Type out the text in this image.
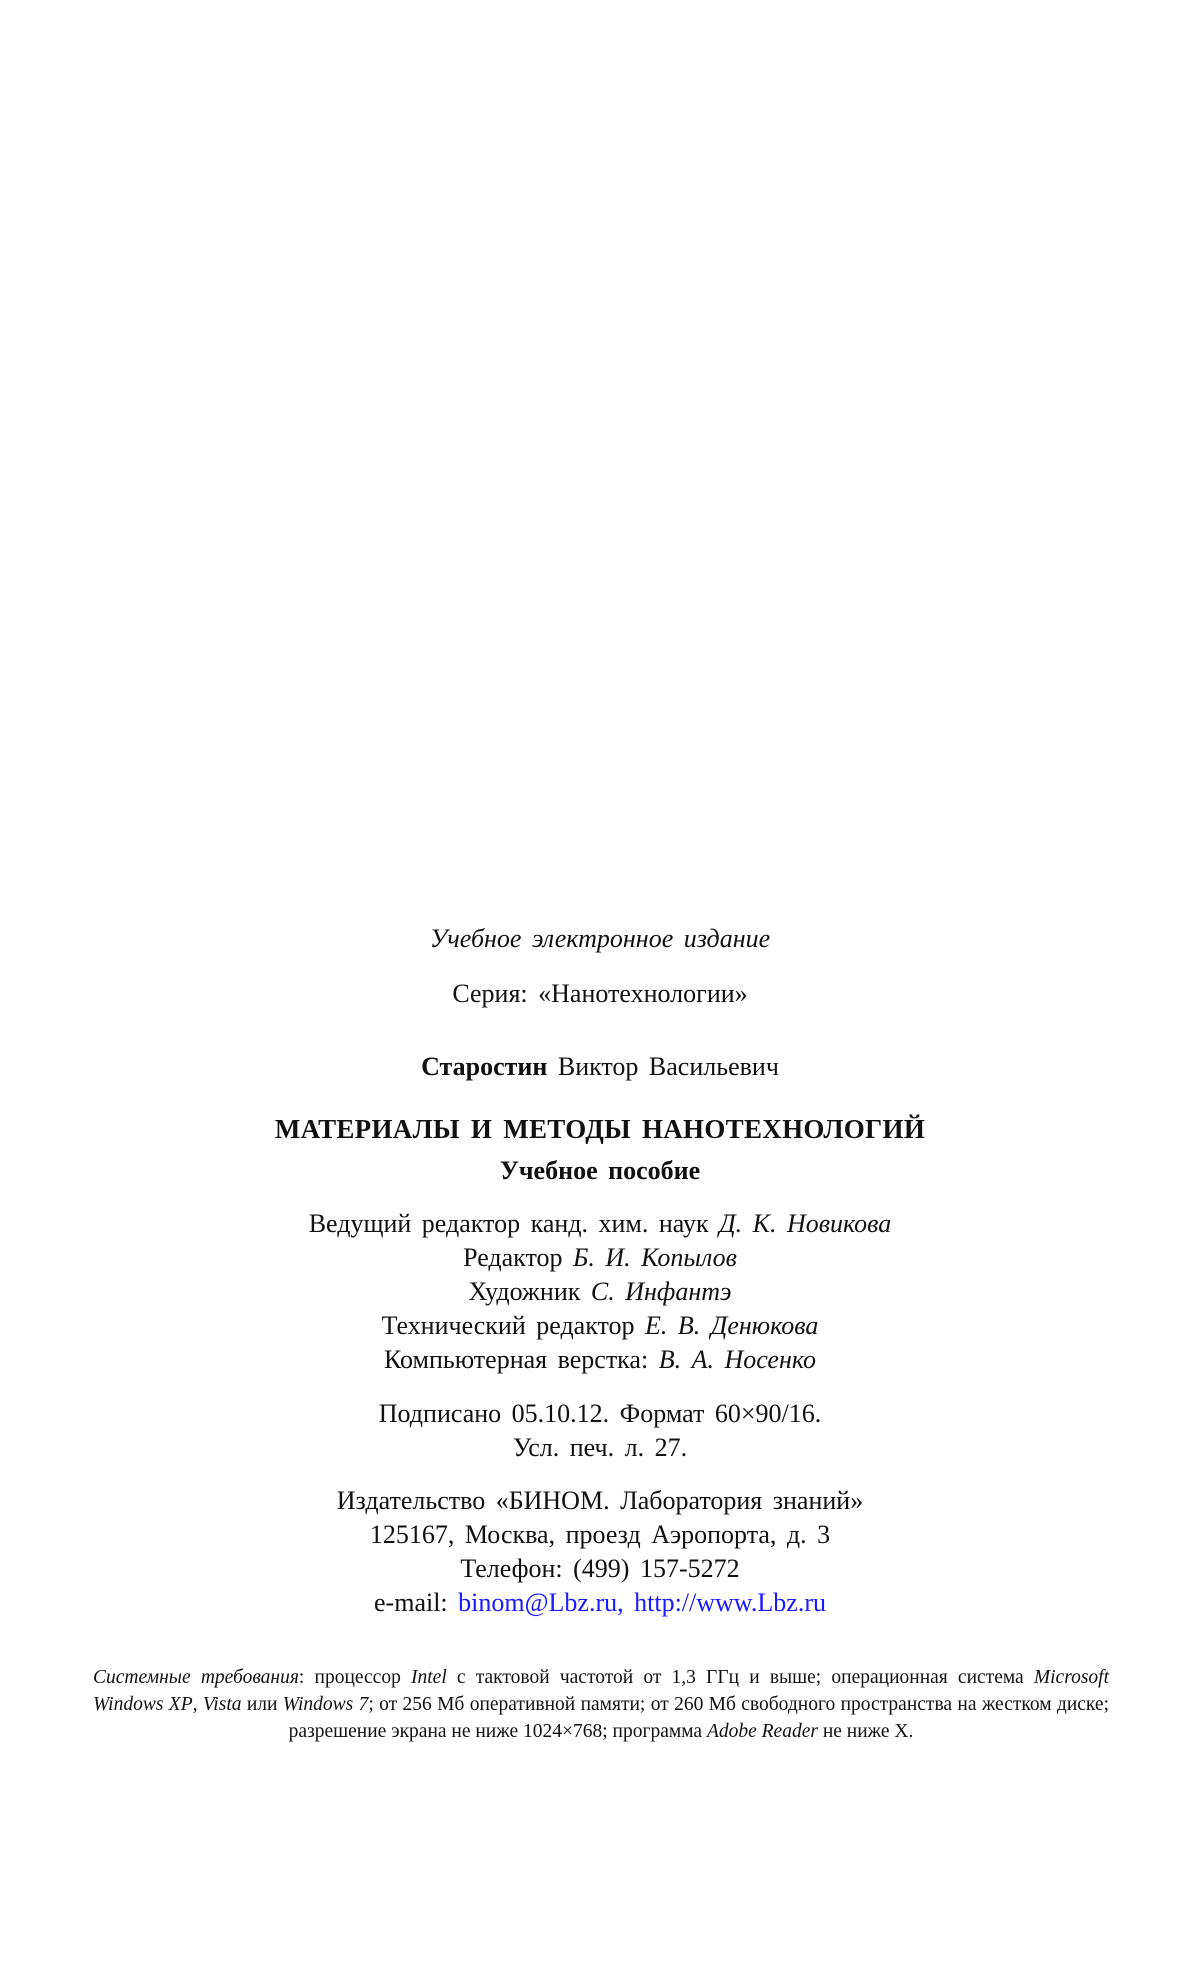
Учебное электронное издание
Серия: «Нанотехнологии»
Старостин Виктор Васильевич
МАТЕРИАЛЫ И МЕТОДЫ НАНОТЕХНОЛОГИЙ
Учебное пособие
Ведущий редактор канд. хим. наук Д. К. Новикова
Редактор Б. И. Копылов
Художник С. Инфантэ
Технический редактор Е. В. Денюкова
Компьютерная верстка: В. А. Носенко
Подписано 05.10.12. Формат 60×90/16.
Усл. печ. л. 27.
Издательство «БИНОМ. Лаборатория знаний»
125167, Москва, проезд Аэропорта, д. 3
Телефон: (499) 157-5272
e-mail: binom@Lbz.ru, http://www.Lbz.ru
Системные требования: процессор Intel с тактовой частотой от 1,3 ГГц и выше; операционная система Microsoft Windows XP, Vista или Windows 7; от 256 Мб оперативной памяти; от 260 Мб свободного пространства на жестком диске; разрешение экрана не ниже 1024×768; программа Adobe Reader не ниже X.
